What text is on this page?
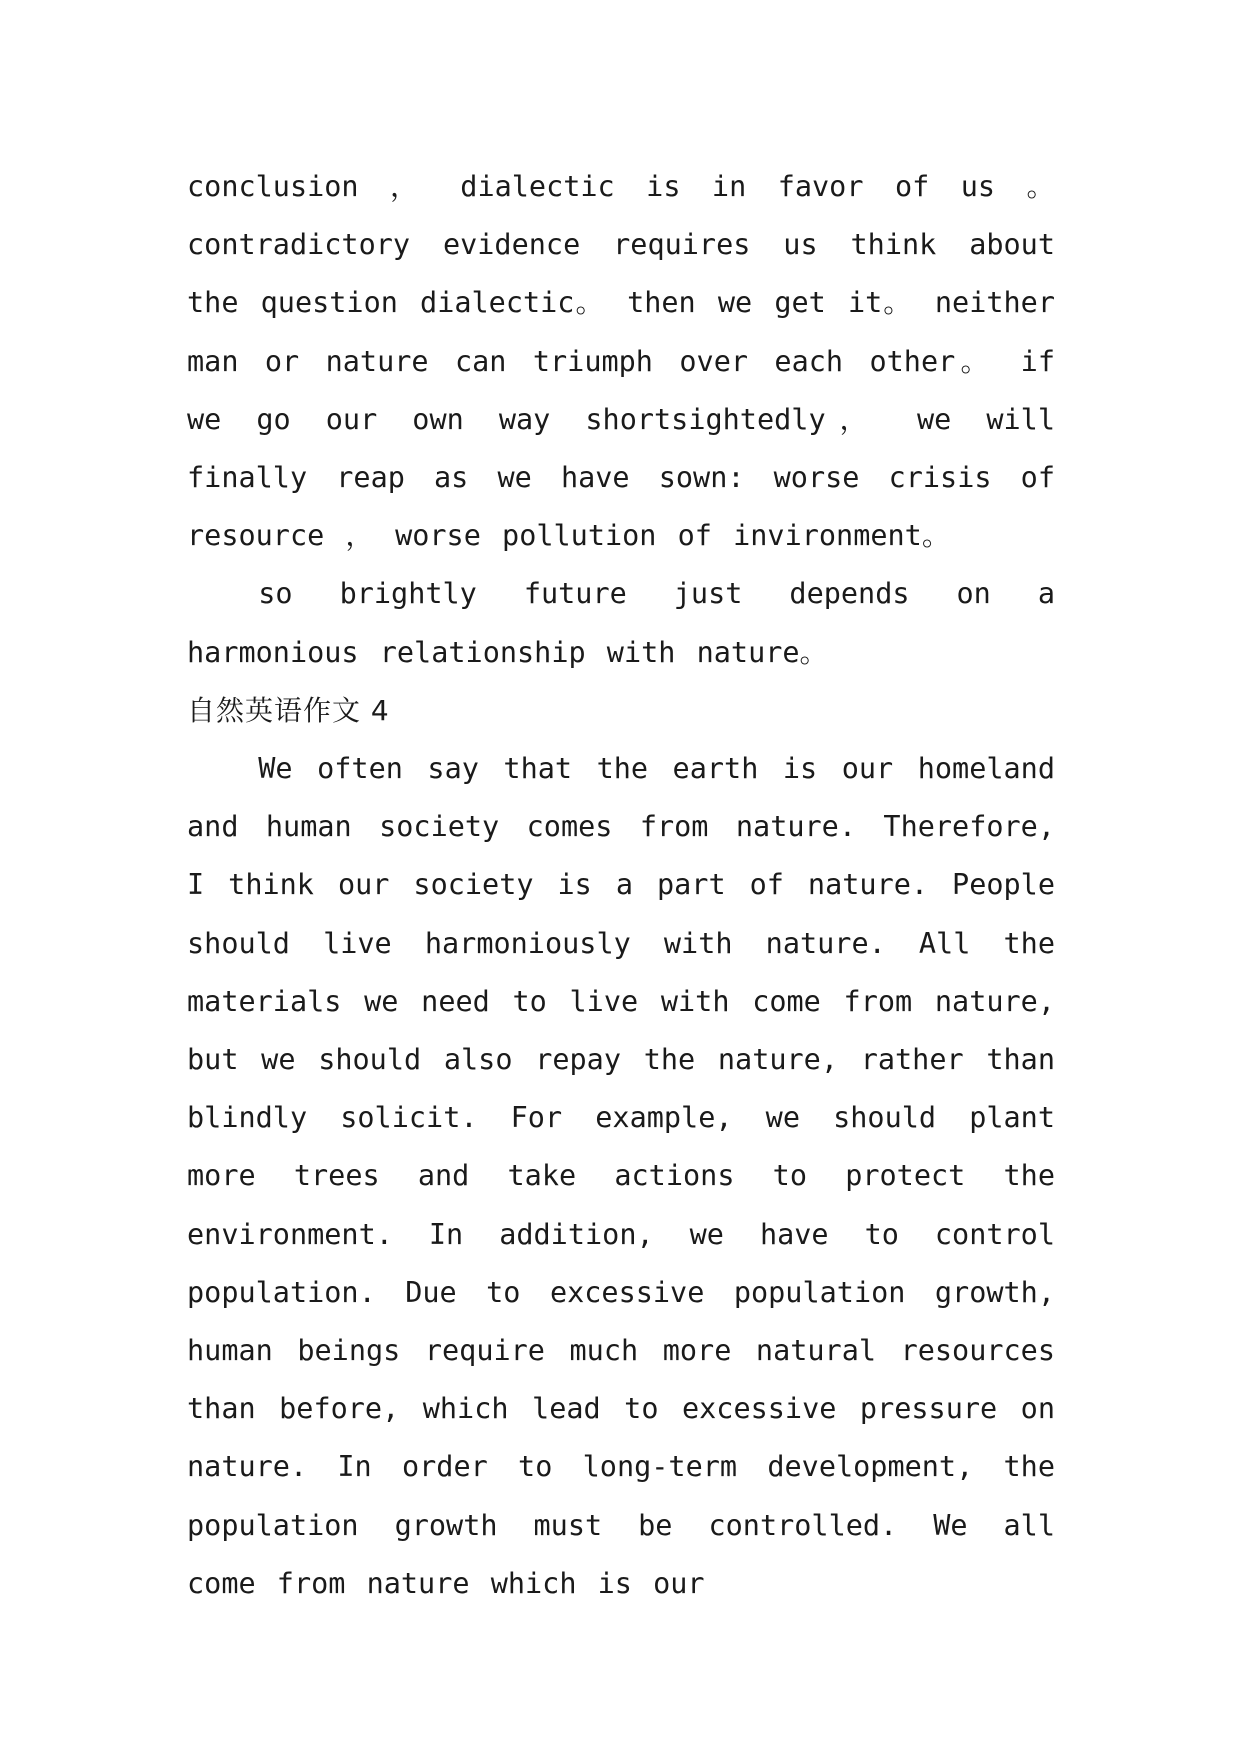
conclusion ， dialectic is in favor of us 。 contradictory evidence requires us think about the question dialectic。 then we get it。 neither man or nature can triumph over each other。 if we go our own way shortsightedly， we will finally reap as we have sown: worse crisis of resource ， worse pollution of invironment。

so brightly future just depends on a harmonious relationship with nature。

自然英语作文 4

We often say that the earth is our homeland and human society comes from nature. Therefore, I think our society is a part of nature. People should live harmoniously with nature. All the materials we need to live with come from nature, but we should also repay the nature, rather than blindly solicit. For example, we should plant more trees and take actions to protect the environment. In addition, we have to control population. Due to excessive population growth, human beings require much more natural resources than before, which lead to excessive pressure on nature. In order to long-term development, the population growth must be controlled. We all come from nature which is our
